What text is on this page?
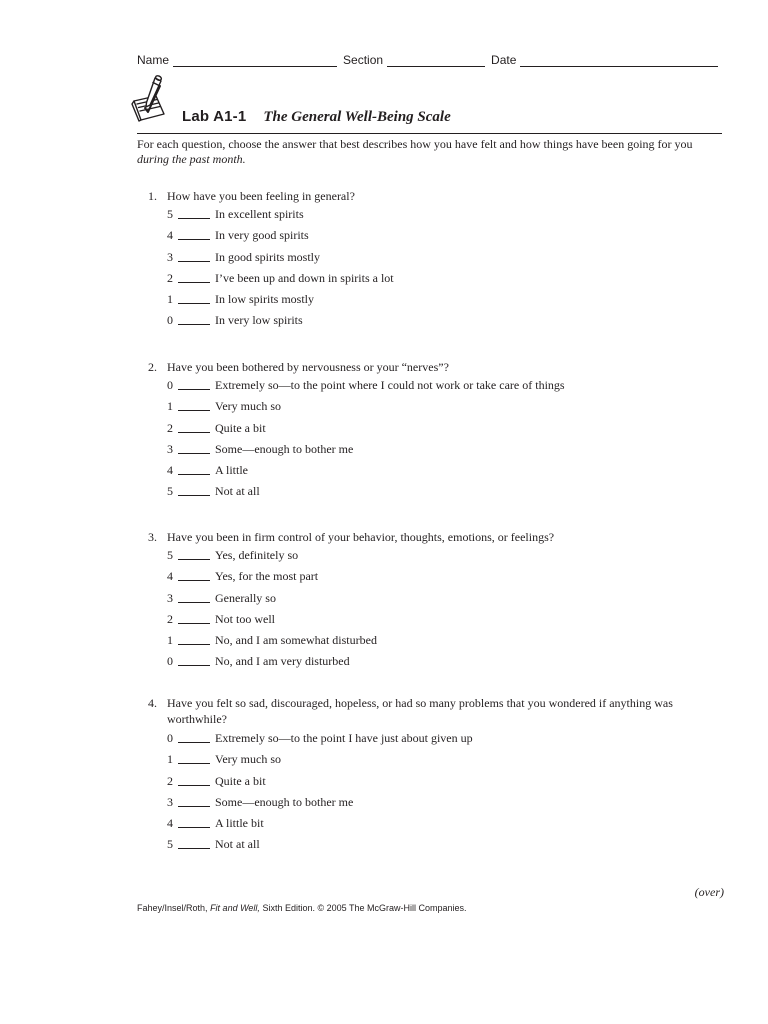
Name	Section	Date
Lab A1-1 The General Well-Being Scale
For each question, choose the answer that best describes how you have felt and how things have been going for you during the past month.
1. How have you been feeling in general?
5	In excellent spirits
4	In very good spirits
3	In good spirits mostly
2	I’ve been up and down in spirits a lot
1	In low spirits mostly
0	In very low spirits
2. Have you been bothered by nervousness or your “nerves”?
0	Extremely so—to the point where I could not work or take care of things
1	Very much so
2	Quite a bit
3	Some—enough to bother me
4	A little
5	Not at all
3. Have you been in firm control of your behavior, thoughts, emotions, or feelings?
5	Yes, definitely so
4	Yes, for the most part
3	Generally so
2	Not too well
1	No, and I am somewhat disturbed
0	No, and I am very disturbed
4. Have you felt so sad, discouraged, hopeless, or had so many problems that you wondered if anything was worthwhile?
0	Extremely so—to the point I have just about given up
1	Very much so
2	Quite a bit
3	Some—enough to bother me
4	A little bit
5	Not at all
(over)
Fahey/Insel/Roth, Fit and Well, Sixth Edition. © 2005 The McGraw-Hill Companies.
